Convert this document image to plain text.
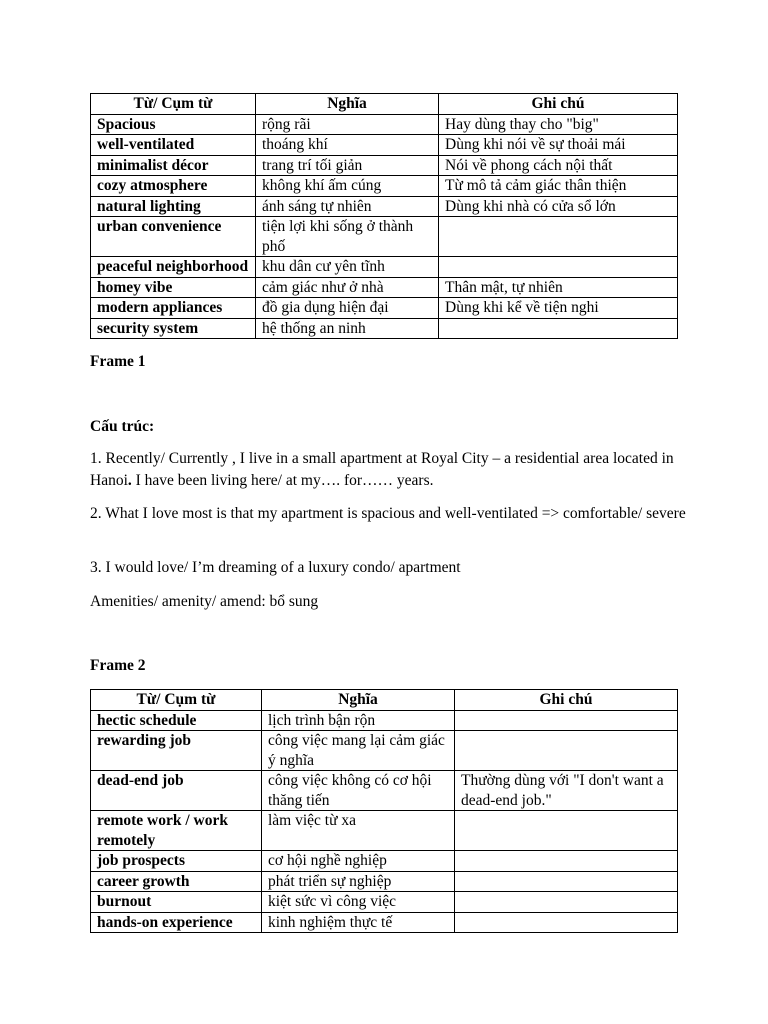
Từ/ Cụm từ	Nghĩa	Ghi chú
Spacious	rộng rãi	Hay dùng thay cho "big"
well-ventilated	thoáng khí	Dùng khi nói về sự thoải mái
minimalist décor	trang trí tối giản	Nói về phong cách nội thất
cozy atmosphere	không khí ấm cúng	Từ mô tả cảm giác thân thiện
natural lighting	ánh sáng tự nhiên	Dùng khi nhà có cửa sổ lớn
urban convenience	tiện lợi khi sống ở thành phố	
peaceful neighborhood	khu dân cư yên tĩnh	
homey vibe	cảm giác như ở nhà	Thân mật, tự nhiên
modern appliances	đồ gia dụng hiện đại	Dùng khi kể về tiện nghi
security system	hệ thống an ninh	
Frame 1
Cấu trúc:
1. Recently/ Currently , I live in a small apartment at Royal City – a residential area located in Hanoi. I have been living here/ at my…. for…… years.
2. What I love most is that my apartment is spacious and well-ventilated => comfortable/ severe
3. I would love/ I’m dreaming of a luxury condo/ apartment
Amenities/ amenity/ amend: bổ sung
Frame 2
Từ/ Cụm từ	Nghĩa	Ghi chú
hectic schedule	lịch trình bận rộn	
rewarding job	công việc mang lại cảm giác ý nghĩa	
dead-end job	công việc không có cơ hội thăng tiến	Thường dùng với "I don't want a dead-end job."
remote work / work remotely	làm việc từ xa	
job prospects	cơ hội nghề nghiệp	
career growth	phát triển sự nghiệp	
burnout	kiệt sức vì công việc	
hands-on experience	kinh nghiệm thực tế	
